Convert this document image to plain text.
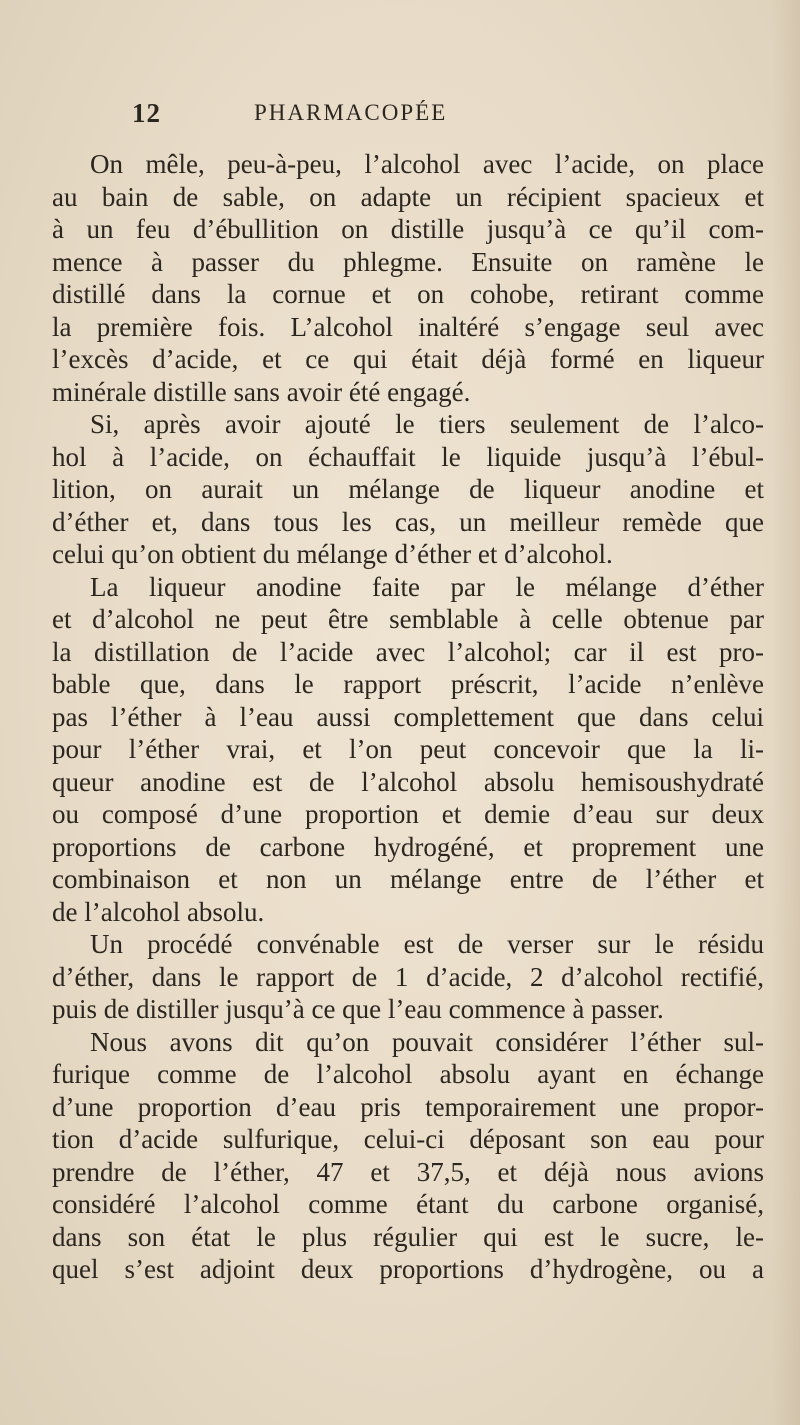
12	PHARMACOPÉE
On mêle, peu-à-peu, l’alcohol avec l’acide, on place
au bain de sable, on adapte un récipient spacieux et
à un feu d’ébullition on distille jusqu’à ce qu’il com-
mence à passer du phlegme. Ensuite on ramène le
distillé dans la cornue et on cohobe, retirant comme
la première fois. L’alcohol inaltéré s’engage seul avec
l’excès d’acide, et ce qui était déjà formé en liqueur
minérale distille sans avoir été engagé.
Si, après avoir ajouté le tiers seulement de l’alco-
hol à l’acide, on échauffait le liquide jusqu’à l’ébul-
lition, on aurait un mélange de liqueur anodine et
d’éther et, dans tous les cas, un meilleur remède que
celui qu’on obtient du mélange d’éther et d’alcohol.
La liqueur anodine faite par le mélange d’éther
et d’alcohol ne peut être semblable à celle obtenue par
la distillation de l’acide avec l’alcohol; car il est pro-
bable que, dans le rapport préscrit, l’acide n’enlève
pas l’éther à l’eau aussi complettement que dans celui
pour l’éther vrai, et l’on peut concevoir que la li-
queur anodine est de l’alcohol absolu hemisoushydraté
ou composé d’une proportion et demie d’eau sur deux
proportions de carbone hydrogéné, et proprement une
combinaison et non un mélange entre de l’éther et
de l’alcohol absolu.
Un procédé convénable est de verser sur le résidu
d’éther, dans le rapport de 1 d’acide, 2 d’alcohol rectifié,
puis de distiller jusqu’à ce que l’eau commence à passer.
Nous avons dit qu’on pouvait considérer l’éther sul-
furique comme de l’alcohol absolu ayant en échange
d’une proportion d’eau pris temporairement une propor-
tion d’acide sulfurique, celui-ci déposant son eau pour
prendre de l’éther, 47 et 37,5, et déjà nous avions
considéré l’alcohol comme étant du carbone organisé,
dans son état le plus régulier qui est le sucre, le-
quel s’est adjoint deux proportions d’hydrogène, ou a
